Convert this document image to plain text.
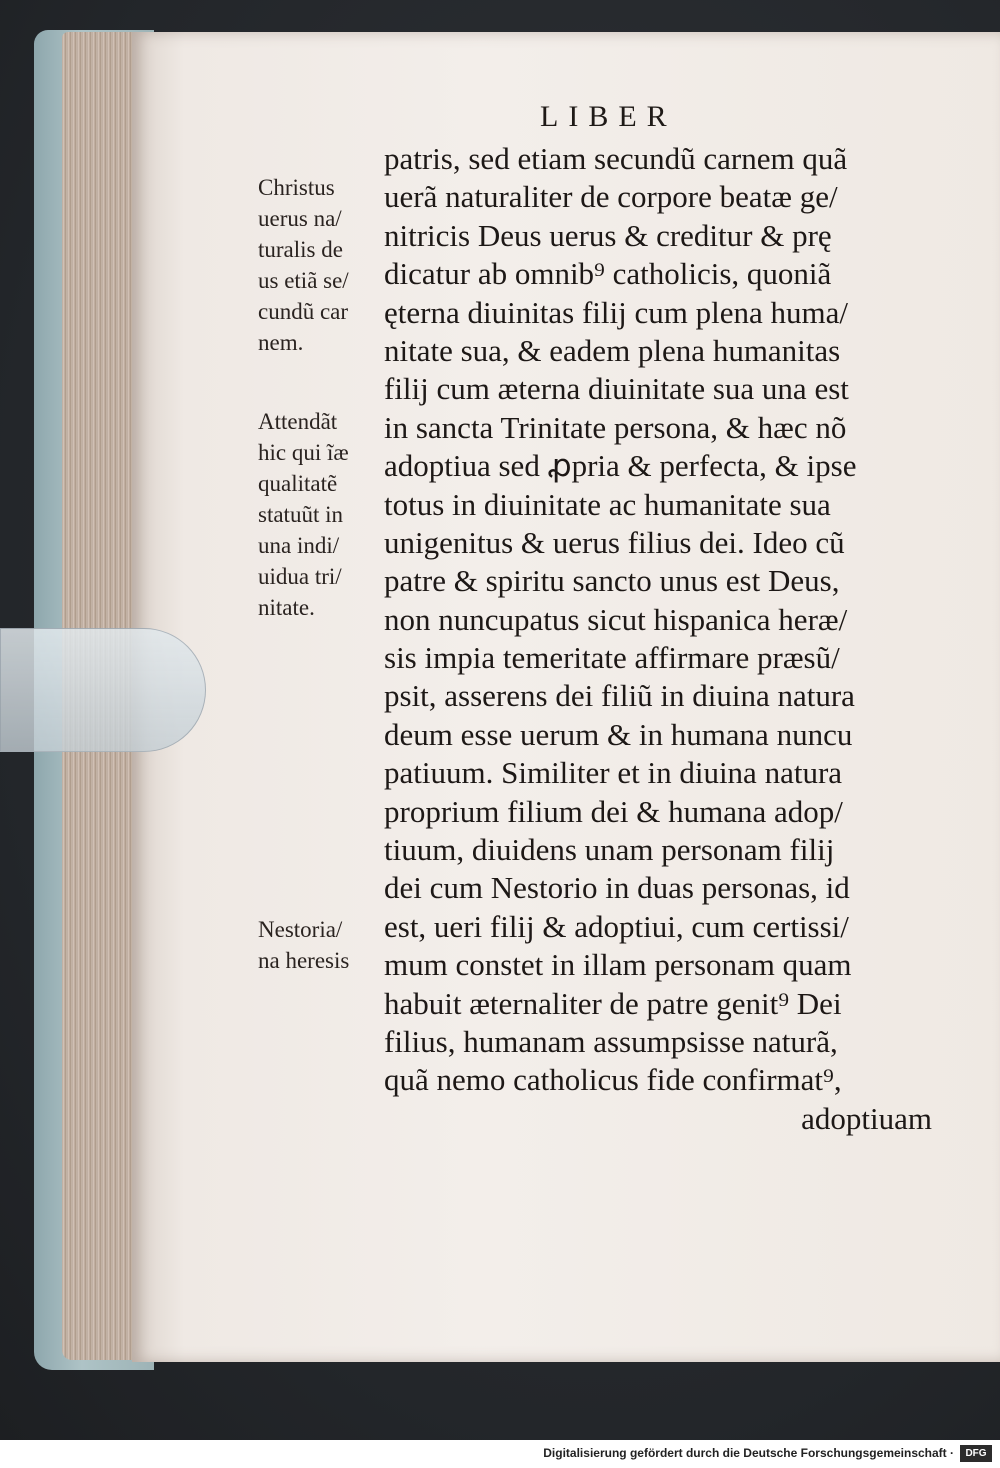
LIBER
patris, sed etiam secundũ carnem quã
uerã naturaliter de corpore beatæ ge/
nitricis Deus uerus & creditur & prę
dicatur ab omnib⁹ catholicis, quoniã
ęterna diuinitas filij cum plena huma/
nitate sua, & eadem plena humanitas
filij cum æterna diuinitate sua una est
in sancta Trinitate persona, & hæc nõ
adoptiua sed ꝓpria & perfecta, & ipse
totus in diuinitate ac humanitate sua
unigenitus & uerus filius dei. Ideo cũ
patre & spiritu sancto unus est Deus,
non nuncupatus sicut hispanica heræ/
sis impia temeritate affirmare præsũ/
psit, asserens dei filiũ in diuina natura
deum esse uerum & in humana nuncu
patiuum. Similiter et in diuina natura
proprium filium dei & humana adop/
tiuum, diuidens unam personam filij
dei cum Nestorio in duas personas, id
est, ueri filij & adoptiui, cum certissi/
mum constet in illam personam quam
habuit æternaliter de patre genit⁹ Dei
filius, humanam assumpsisse naturã,
quã nemo catholicus fide confirmat⁹,
adoptiuam
Christus
uerus na/
turalis de
us etiã se/
cundũ car
nem.
Attendãt
hic qui ĩæ
qualitatẽ
statuũt in
una indi/
uidua tri/
nitate.
Nestoria/
na heresis
Digitalisierung gefördert durch die Deutsche Forschungsgemeinschaft ·	DFG
